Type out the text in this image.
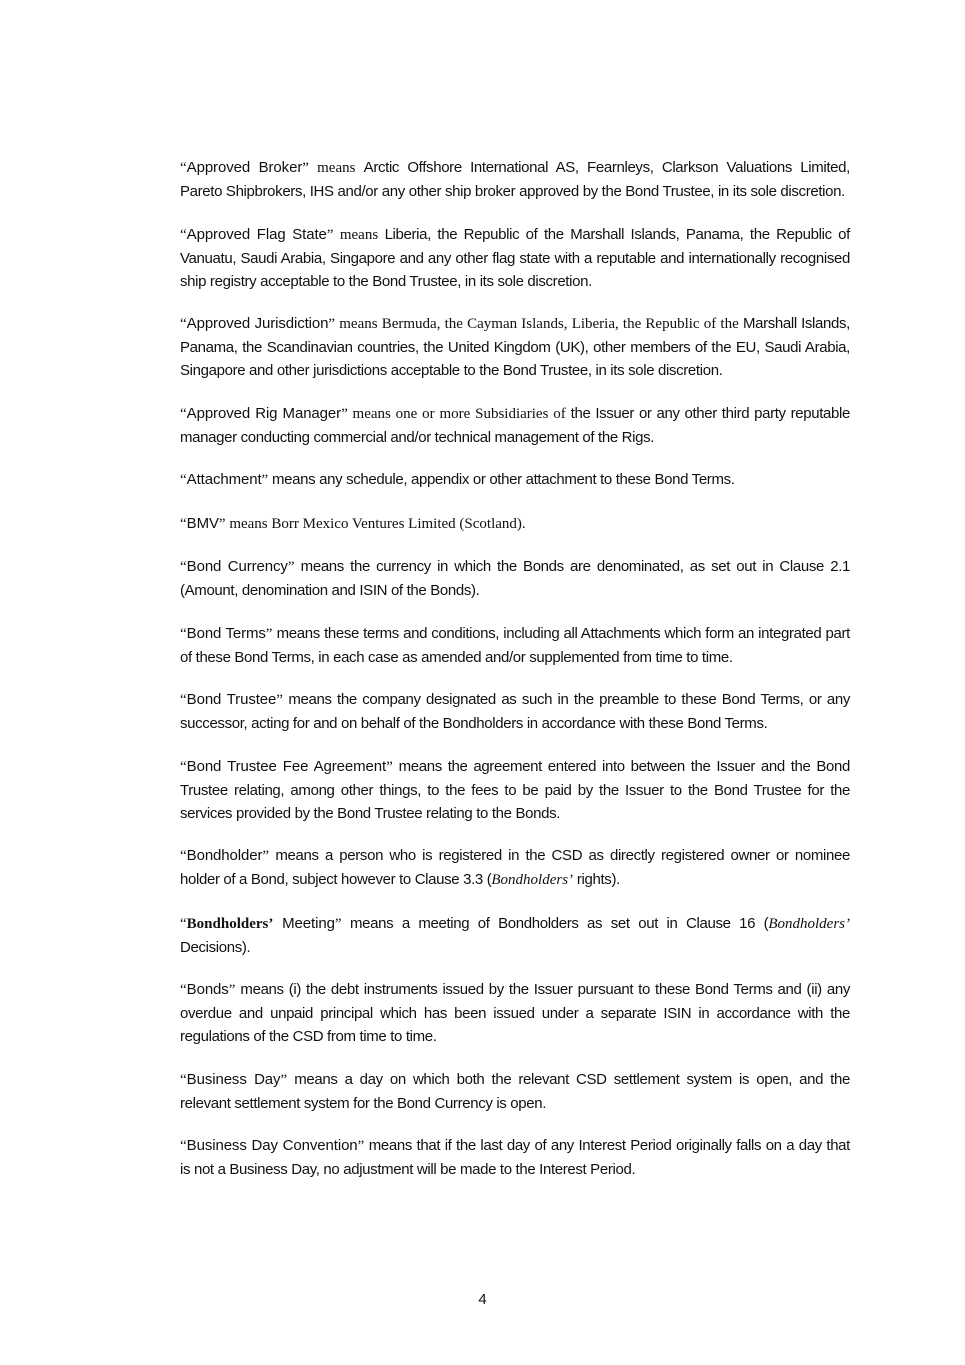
“Approved Broker” means Arctic Offshore International AS, Fearnleys, Clarkson Valuations Limited, Pareto Shipbrokers, IHS and/or any other ship broker approved by the Bond Trustee, in its sole discretion.

“Approved Flag State” means Liberia, the Republic of the Marshall Islands, Panama, the Republic of Vanuatu, Saudi Arabia, Singapore and any other flag state with a reputable and internationally recognised ship registry acceptable to the Bond Trustee, in its sole discretion.

“Approved Jurisdiction” means Bermuda, the Cayman Islands, Liberia, the Republic of the Marshall Islands, Panama, the Scandinavian countries, the United Kingdom (UK), other members of the EU, Saudi Arabia, Singapore and other jurisdictions acceptable to the Bond Trustee, in its sole discretion.

“Approved Rig Manager” means one or more Subsidiaries of the Issuer or any other third party reputable manager conducting commercial and/or technical management of the Rigs.

“Attachment” means any schedule, appendix or other attachment to these Bond Terms.

“BMV” means Borr Mexico Ventures Limited (Scotland).

“Bond Currency” means the currency in which the Bonds are denominated, as set out in Clause 2.1 (Amount, denomination and ISIN of the Bonds).

“Bond Terms” means these terms and conditions, including all Attachments which form an integrated part of these Bond Terms, in each case as amended and/or supplemented from time to time.

“Bond Trustee” means the company designated as such in the preamble to these Bond Terms, or any successor, acting for and on behalf of the Bondholders in accordance with these Bond Terms.

“Bond Trustee Fee Agreement” means the agreement entered into between the Issuer and the Bond Trustee relating, among other things, to the fees to be paid by the Issuer to the Bond Trustee for the services provided by the Bond Trustee relating to the Bonds.

“Bondholder” means a person who is registered in the CSD as directly registered owner or nominee holder of a Bond, subject however to Clause 3.3 (Bondholders’ rights).

“Bondholders’ Meeting” means a meeting of Bondholders as set out in Clause 16 (Bondholders’ Decisions).

“Bonds” means (i) the debt instruments issued by the Issuer pursuant to these Bond Terms and (ii) any overdue and unpaid principal which has been issued under a separate ISIN in accordance with the regulations of the CSD from time to time.

“Business Day” means a day on which both the relevant CSD settlement system is open, and the relevant settlement system for the Bond Currency is open.

“Business Day Convention” means that if the last day of any Interest Period originally falls on a day that is not a Business Day, no adjustment will be made to the Interest Period.

4
